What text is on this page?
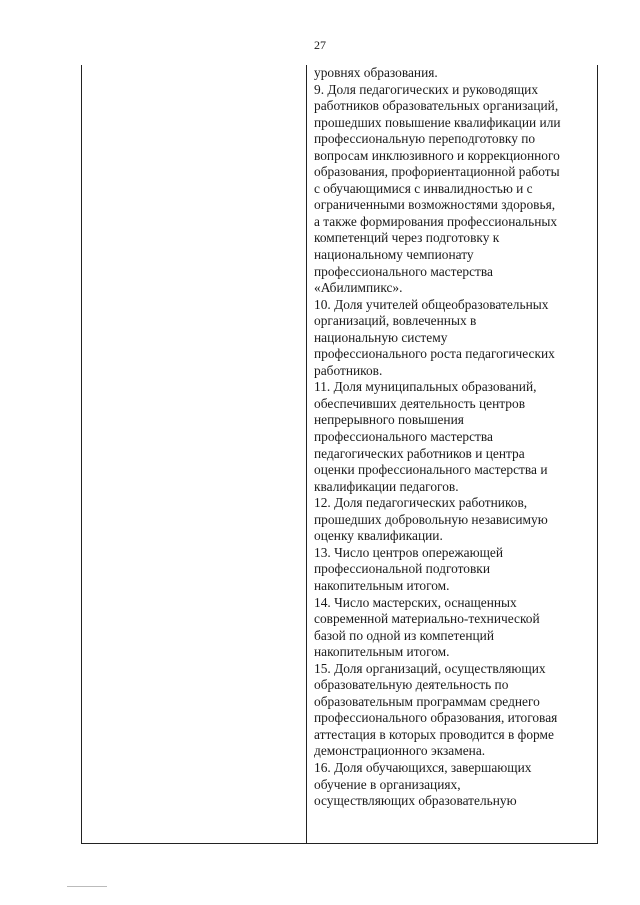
27
уровнях образования.
9. Доля педагогических и руководящих
работников образовательных организаций,
прошедших повышение квалификации или
профессиональную переподготовку по
вопросам инклюзивного и коррекционного
образования, профориентационной работы
с обучающимися с инвалидностью и с
ограниченными возможностями здоровья,
а также формирования профессиональных
компетенций через подготовку к
национальному чемпионату
профессионального мастерства
«Абилимпикс».
10. Доля учителей общеобразовательных
организаций, вовлеченных в
национальную систему
профессионального роста педагогических
работников.
11. Доля муниципальных образований,
обеспечивших деятельность центров
непрерывного повышения
профессионального мастерства
педагогических работников и центра
оценки профессионального мастерства и
квалификации педагогов.
12. Доля педагогических работников,
прошедших добровольную независимую
оценку квалификации.
13. Число центров опережающей
профессиональной подготовки
накопительным итогом.
14. Число мастерских, оснащенных
современной материально-технической
базой по одной из компетенций
накопительным итогом.
15. Доля организаций, осуществляющих
образовательную деятельность по
образовательным программам среднего
профессионального образования, итоговая
аттестация в которых проводится в форме
демонстрационного экзамена.
16. Доля обучающихся, завершающих
обучение в организациях,
осуществляющих образовательную
